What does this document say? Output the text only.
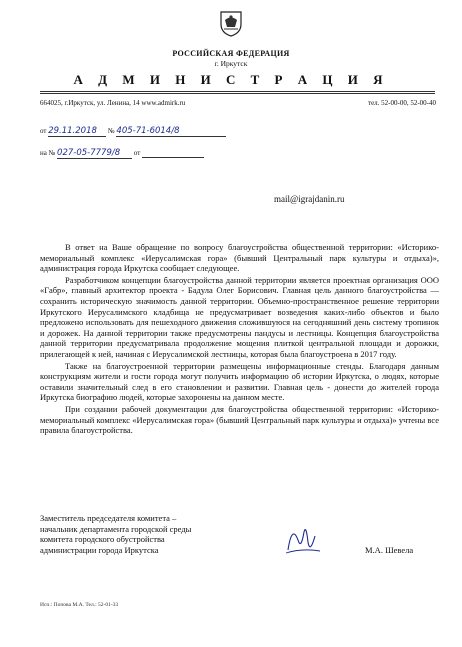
РОССИЙСКАЯ ФЕДЕРАЦИЯ
г. Иркутск
А Д М И Н И С Т Р А Ц И Я
664025, г.Иркутск, ул. Ленина, 14 www.admirk.ru	тел. 52-00-00, 52-00-40
от 29.11.2018 № 405-71-6014/8
на № 027-05-7779/8 от
mail@igrajdanin.ru

В ответ на Ваше обращение по вопросу благоустройства общественной территории: «Историко-мемориальный комплекс «Иерусалимская гора» (бывший Центральный парк культуры и отдыха)», администрация города Иркутска сообщает следующее.

Разработчиком концепции благоустройства данной территории является проектная организация ООО «Габр», главный архитектор проекта - Бадула Олег Борисович. Главная цель данного благоустройства — сохранить историческую значимость данной территории. Объемно-пространственное решение территории Иркутского Иерусалимского кладбища не предусматривает возведения каких-либо объектов и было предложено использовать для пешеходного движения сложившуюся на сегодняшний день систему тропинок и дорожек. На данной территории также предусмотрены пандусы и лестницы. Концепция благоустройства данной территории предусматривала продолжение мощения плиткой центральной площади и дорожки, прилегающей к ней, начиная с Иерусалимской лестницы, которая была благоустроена в 2017 году.

Также на благоустроенной территории размещены информационные стенды. Благодаря данным конструкциям жители и гости города могут получить информацию об истории Иркутска, о людях, которые оставили значительный след в его становлении и развитии. Главная цель - донести до жителей города Иркутска биографию людей, которые захоронены на данном месте.

При создании рабочей документации для благоустройства общественной территории: «Историко-мемориальный комплекс «Иерусалимская гора» (бывший Центральный парк культуры и отдыха)» учтены все правила благоустройства.

Заместитель председателя комитета –
начальник департамента городской среды
комитета городского обустройства
администрации города Иркутска	М.А. Шевела
Исп.: Попова М.А. Тел.: 52-01-33
